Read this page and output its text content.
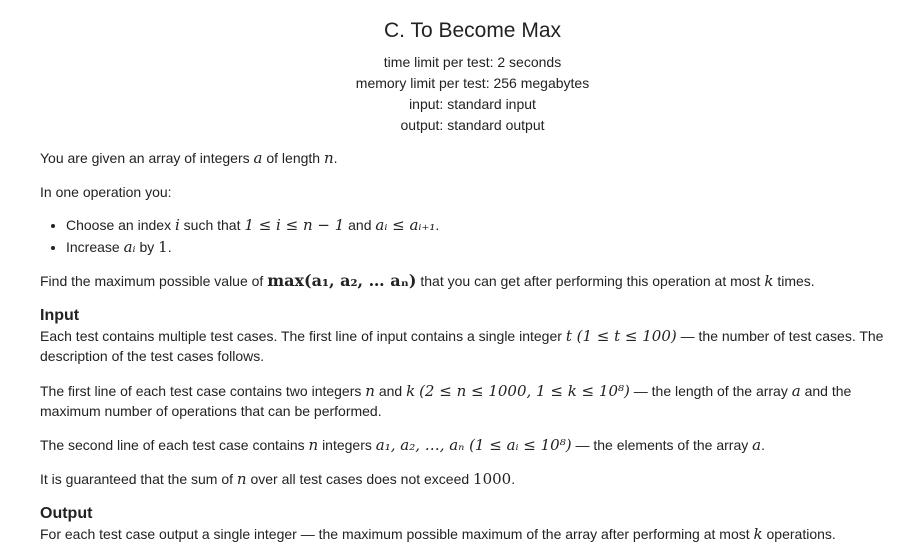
C. To Become Max
time limit per test: 2 seconds
memory limit per test: 256 megabytes
input: standard input
output: standard output

You are given an array of integers a of length n.

In one operation you:

• Choose an index i such that 1 ≤ i ≤ n − 1 and aᵢ ≤ aᵢ₊₁.
• Increase aᵢ by 1.

Find the maximum possible value of max(a₁, a₂, … aₙ) that you can get after performing this operation at most k times.

Input

Each test contains multiple test cases. The first line of input contains a single integer t (1 ≤ t ≤ 100) — the number of test cases. The description of the test cases follows.

The first line of each test case contains two integers n and k (2 ≤ n ≤ 1000, 1 ≤ k ≤ 10⁸) — the length of the array a and the maximum number of operations that can be performed.

The second line of each test case contains n integers a₁, a₂, …, aₙ (1 ≤ aᵢ ≤ 10⁸) — the elements of the array a.

It is guaranteed that the sum of n over all test cases does not exceed 1000.

Output

For each test case output a single integer — the maximum possible maximum of the array after performing at most k operations.
